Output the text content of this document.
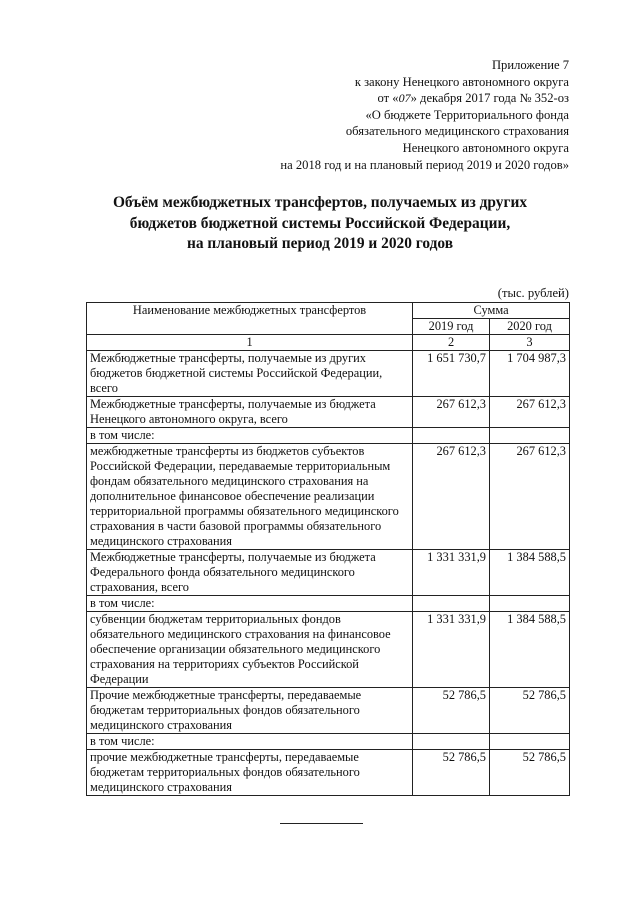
Приложение 7
к закону Ненецкого автономного округа
от «07» декабря 2017 года № 352-оз
«О бюджете Территориального фонда
обязательного медицинского страхования
Ненецкого автономного округа
на 2018 год и на плановый период 2019 и 2020 годов»
Объём межбюджетных трансфертов, получаемых из других
бюджетов бюджетной системы Российской Федерации,
на плановый период 2019 и 2020 годов
(тыс. рублей)
Наименование межбюджетных трансфертов	Сумма	
	2019 год	2020 год
1	2	3
Межбюджетные трансферты, получаемые из других бюджетов бюджетной системы Российской Федерации, всего	1 651 730,7	1 704 987,3
Межбюджетные трансферты, получаемые из бюджета Ненецкого автономного округа, всего	267 612,3	267 612,3
в том числе:		
межбюджетные трансферты из бюджетов субъектов Российской Федерации, передаваемые территориальным фондам обязательного медицинского страхования на дополнительное финансовое обеспечение реализации территориальной программы обязательного медицинского страхования в части базовой программы обязательного медицинского страхования	267 612,3	267 612,3
Межбюджетные трансферты, получаемые из бюджета Федерального фонда обязательного медицинского страхования, всего	1 331 331,9	1 384 588,5
в том числе:		
субвенции бюджетам территориальных фондов обязательного медицинского страхования на финансовое обеспечение организации обязательного медицинского страхования на территориях субъектов Российской Федерации	1 331 331,9	1 384 588,5
Прочие межбюджетные трансферты, передаваемые бюджетам территориальных фондов обязательного медицинского страхования	52 786,5	52 786,5
в том числе:		
прочие межбюджетные трансферты, передаваемые бюджетам территориальных фондов обязательного медицинского страхования	52 786,5	52 786,5
